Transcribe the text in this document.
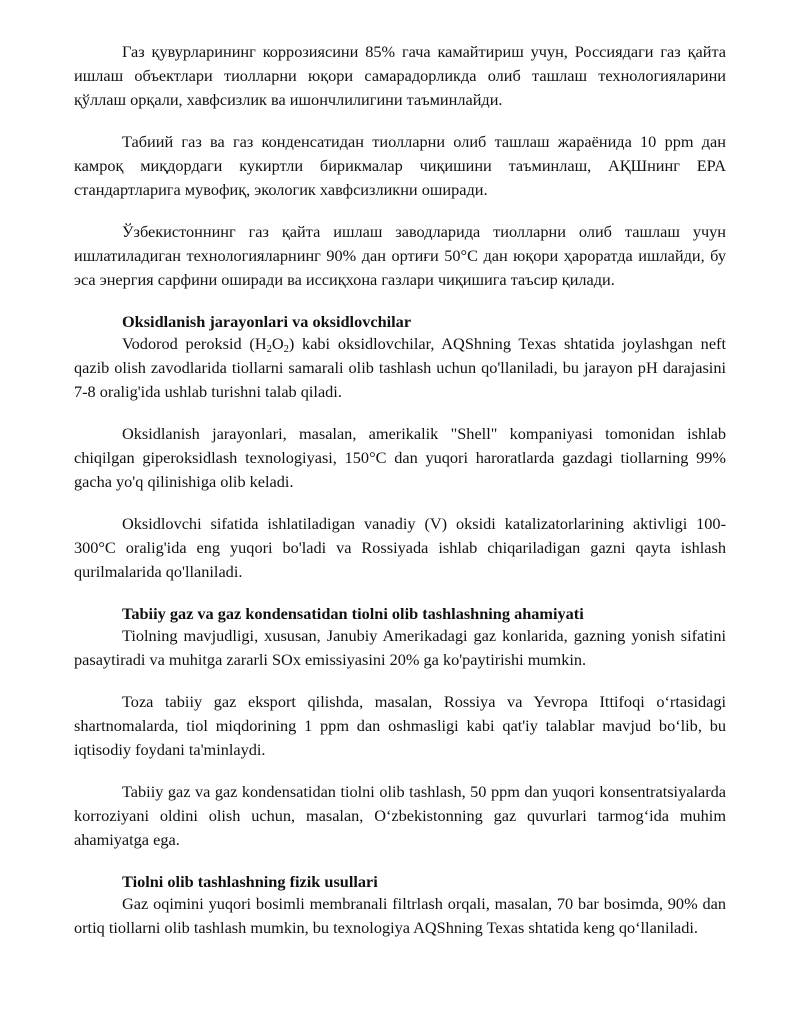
Газ қувурларининг коррозиясини 85% гача камайтириш учун, Россиядаги газ қайта ишлаш объектлари тиолларни юқори самарадорликда олиб ташлаш технологияларини қўллаш орқали, хавфсизлик ва ишончлилигини таъминлайди.

Табиий газ ва газ конденсатидан тиолларни олиб ташлаш жараёнида 10 ppm дан камроқ миқдордаги кукиртли бирикмалар чиқишини таъминлаш, АҚШнинг EPA стандартларига мувофиқ, экологик хавфсизликни оширади.

Ўзбекистоннинг газ қайта ишлаш заводларида тиолларни олиб ташлаш учун ишлатиладиган технологияларнинг 90% дан ортиғи 50°C дан юқори ҳароратда ишлайди, бу эса энергия сарфини оширади ва иссиқхона газлари чиқишига таъсир қилади.

Oksidlanish jarayonlari va oksidlovchilar

Vodorod peroksid $(H_2O_2)$ kabi oksidlovchilar, AQShning Texas shtatida joylashgan neft qazib olish zavodlarida tiollarni samarali olib tashlash uchun qo'llaniladi, bu jarayon pH darajasini 7-8 oralig'ida ushlab turishni talab qiladi.

Oksidlanish jarayonlari, masalan, amerikalik "Shell" kompaniyasi tomonidan ishlab chiqilgan giperoksidlash texnologiyasi, 150°C dan yuqori haroratlarda gazdagi tiollarning 99% gacha yo'q qilinishiga olib keladi.

Oksidlovchi sifatida ishlatiladigan vanadiy (V) oksidi katalizatorlarining aktivligi 100-300°C oralig'ida eng yuqori bo'ladi va Rossiyada ishlab chiqariladigan gazni qayta ishlash qurilmalarida qo'llaniladi.

Tabiiy gaz va gaz kondensatidan tiolni olib tashlashning ahamiyati

Tiolning mavjudligi, xususan, Janubiy Amerikadagi gaz konlarida, gazning yonish sifatini pasaytiradi va muhitga zararli SOx emissiyasini 20% ga ko'paytirishi mumkin.

Toza tabiiy gaz eksport qilishda, masalan, Rossiya va Yevropa Ittifoqi oʻrtasidagi shartnomalarda, tiol miqdorining 1 ppm dan oshmasligi kabi qat'iy talablar mavjud boʻlib, bu iqtisodiy foydani ta'minlaydi.

Tabiiy gaz va gaz kondensatidan tiolni olib tashlash, 50 ppm dan yuqori konsentratsiyalarda korroziyani oldini olish uchun, masalan, Oʻzbekistonning gaz quvurlari tarmogʻida muhim ahamiyatga ega.

Tiolni olib tashlashning fizik usullari

Gaz oqimini yuqori bosimli membranali filtrlash orqali, masalan, 70 bar bosimda, 90% dan ortiq tiollarni olib tashlash mumkin, bu texnologiya AQShning Texas shtatida keng qoʻllaniladi.
